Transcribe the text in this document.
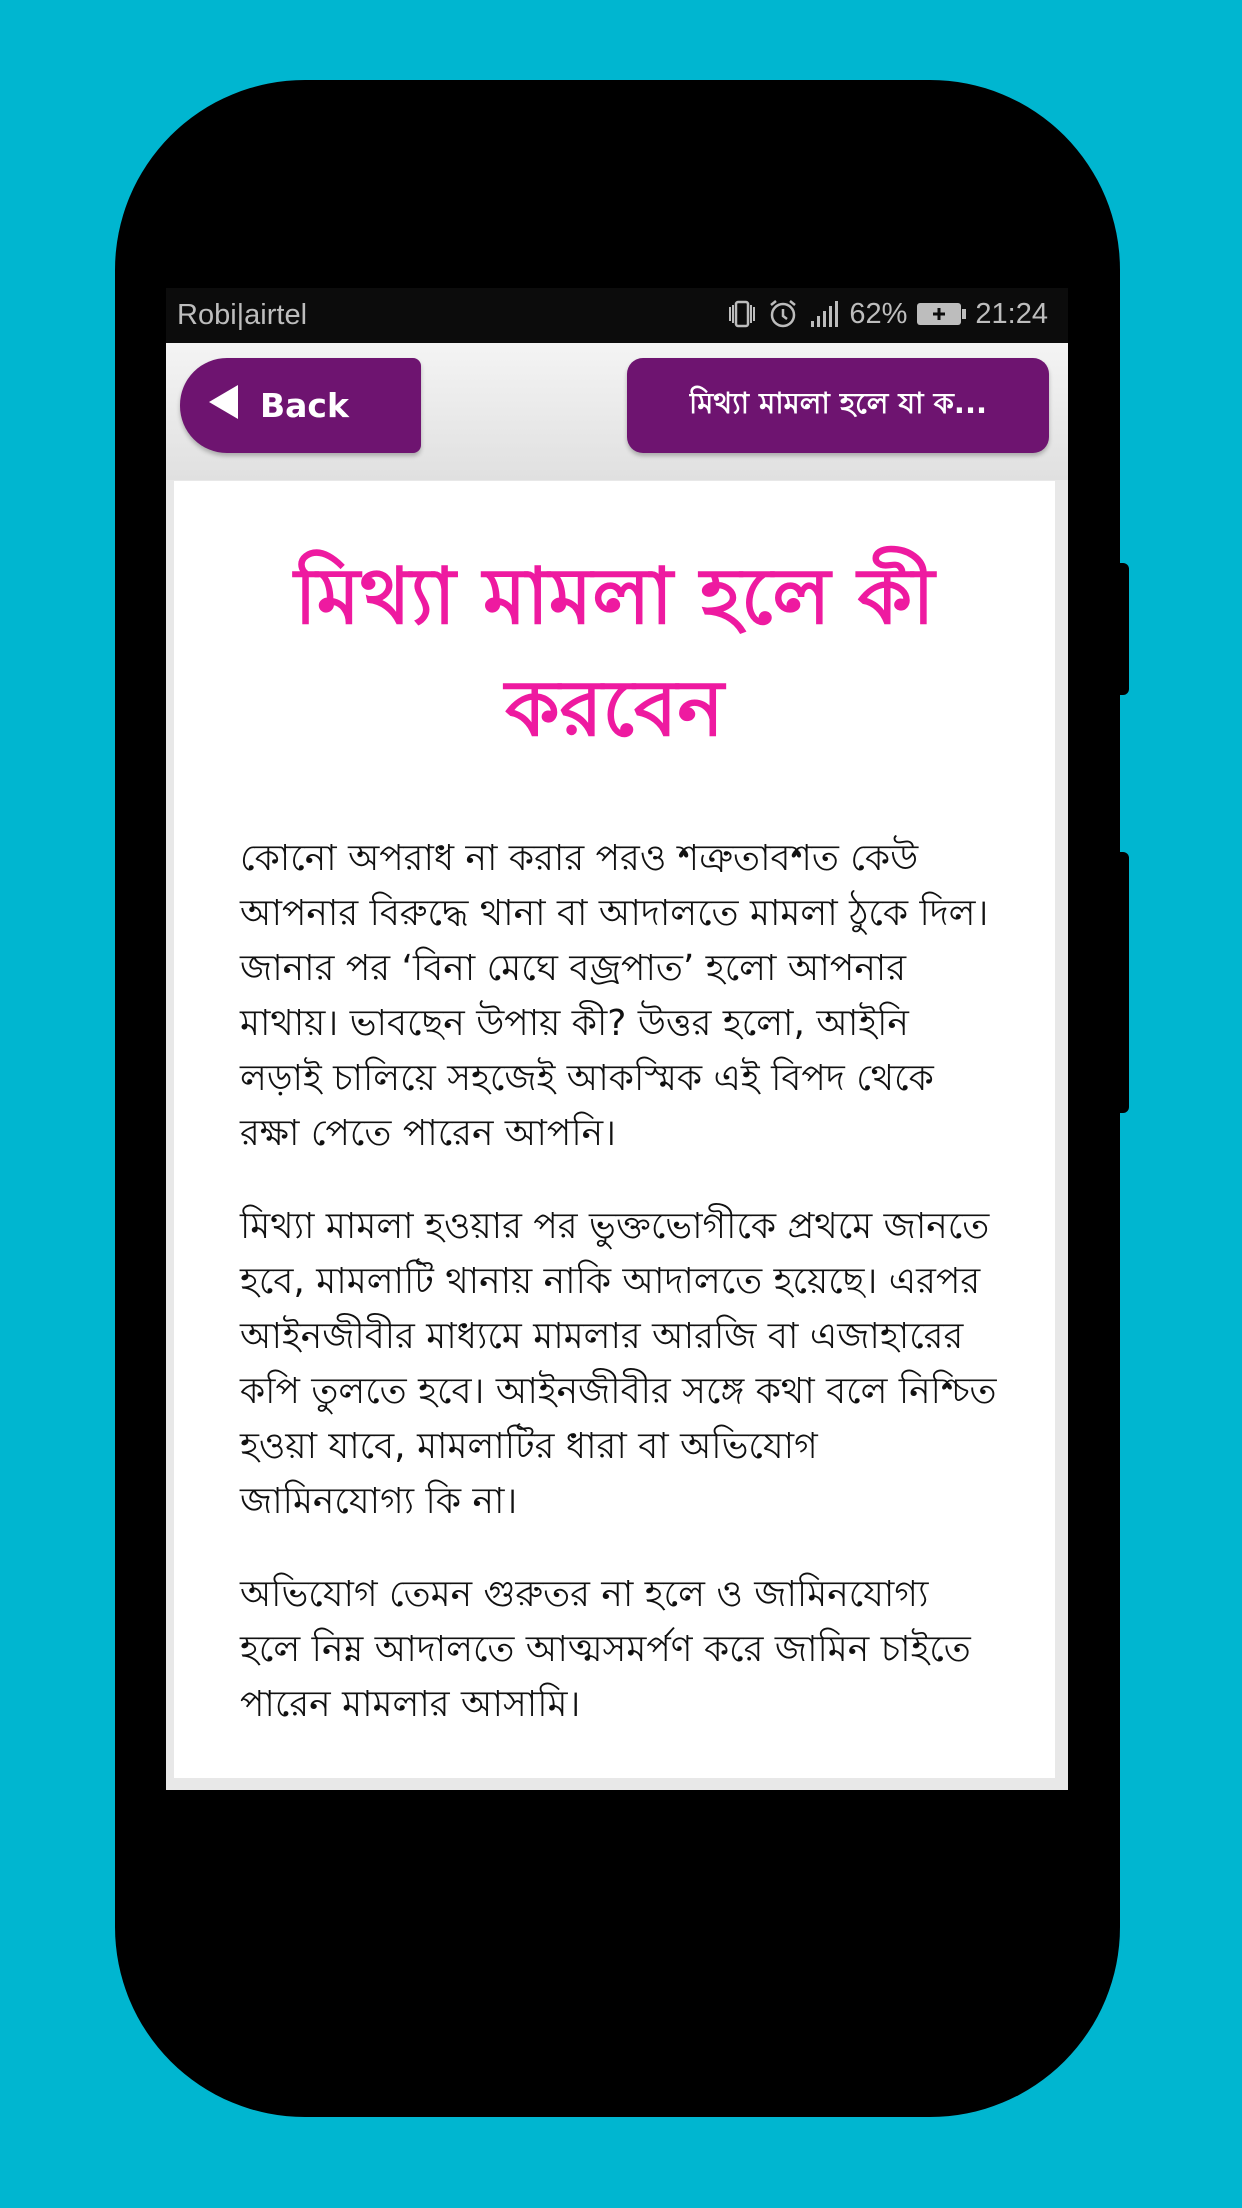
Robi|airtel	62% 21:24
Back	মিথ্যা মামলা হলে যা ক...
মিথ্যা মামলা হলে কী করবেন

কোনো অপরাধ না করার পরও শত্রুতাবশত কেউ আপনার বিরুদ্ধে থানা বা আদালতে মামলা ঠুকে দিল। জানার পর ‘বিনা মেঘে বজ্রপাত’ হলো আপনার মাথায়। ভাবছেন উপায় কী? উত্তর হলো, আইনি লড়াই চালিয়ে সহজেই আকস্মিক এই বিপদ থেকে রক্ষা পেতে পারেন আপনি।

মিথ্যা মামলা হওয়ার পর ভুক্তভোগীকে প্রথমে জানতে হবে, মামলাটি থানায় নাকি আদালতে হয়েছে। এরপর আইনজীবীর মাধ্যমে মামলার আরজি বা এজাহারের কপি তুলতে হবে। আইনজীবীর সঙ্গে কথা বলে নিশ্চিত হওয়া যাবে, মামলাটির ধারা বা অভিযোগ জামিনযোগ্য কি না।

অভিযোগ তেমন গুরুতর না হলে ও জামিনযোগ্য হলে নিম্ন আদালতে আত্মসমর্পণ করে জামিন চাইতে পারেন মামলার আসামি।
